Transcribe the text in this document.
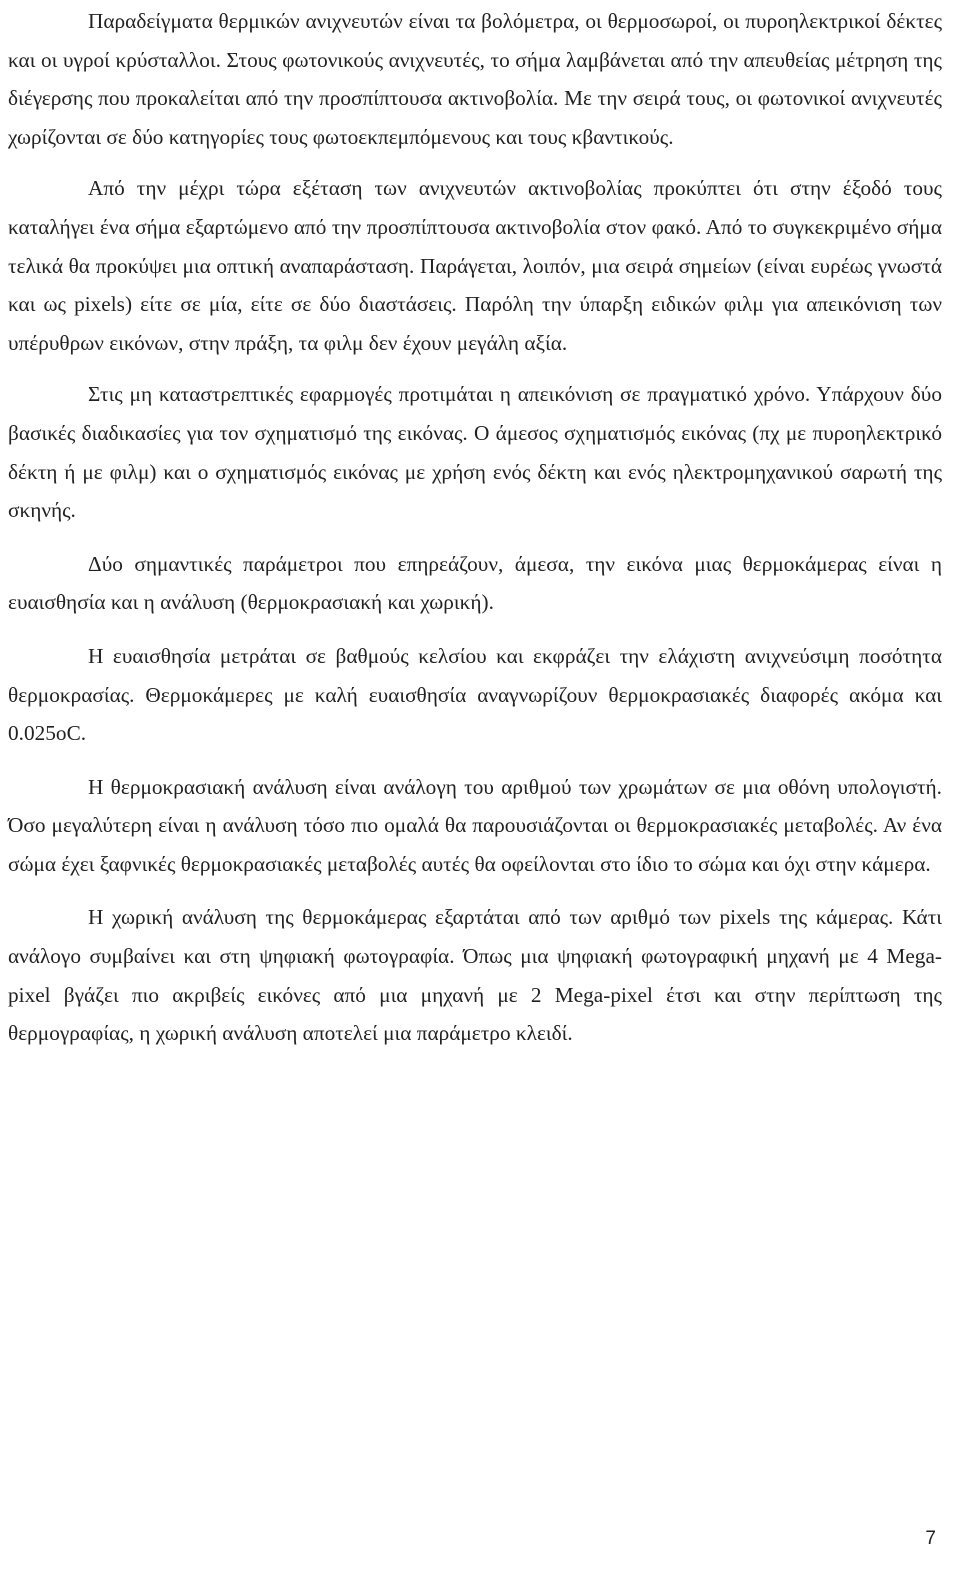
Παραδείγματα θερμικών ανιχνευτών είναι τα βολόμετρα, οι θερμοσωροί, οι πυροηλεκτρικοί δέκτες και οι υγροί κρύσταλλοι. Στους φωτονικούς ανιχνευτές, το σήμα λαμβάνεται από την απευθείας μέτρηση της διέγερσης που προκαλείται από την προσπίπτουσα ακτινοβολία. Με την σειρά τους, οι φωτονικοί ανιχνευτές χωρίζονται σε δύο κατηγορίες τους φωτοεκπεμπόμενους και τους κβαντικούς.

Από την μέχρι τώρα εξέταση των ανιχνευτών ακτινοβολίας προκύπτει ότι στην έξοδό τους καταλήγει ένα σήμα εξαρτώμενο από την προσπίπτουσα ακτινοβολία στον φακό. Από το συγκεκριμένο σήμα τελικά θα προκύψει μια οπτική αναπαράσταση. Παράγεται, λοιπόν, μια σειρά σημείων (είναι ευρέως γνωστά και ως pixels) είτε σε μία, είτε σε δύο διαστάσεις. Παρόλη την ύπαρξη ειδικών φιλμ για απεικόνιση των υπέρυθρων εικόνων, στην πράξη, τα φιλμ δεν έχουν μεγάλη αξία.

Στις μη καταστρεπτικές εφαρμογές προτιμάται η απεικόνιση σε πραγματικό χρόνο. Υπάρχουν δύο βασικές διαδικασίες για τον σχηματισμό της εικόνας. Ο άμεσος σχηματισμός εικόνας (πχ με πυροηλεκτρικό δέκτη ή με φιλμ) και ο σχηματισμός εικόνας με χρήση ενός δέκτη και ενός ηλεκτρομηχανικού σαρωτή της σκηνής.

Δύο σημαντικές παράμετροι που επηρεάζουν, άμεσα, την εικόνα μιας θερμοκάμερας είναι η ευαισθησία και η ανάλυση (θερμοκρασιακή και χωρική).

Η ευαισθησία μετράται σε βαθμούς κελσίου και εκφράζει την ελάχιστη ανιχνεύσιμη ποσότητα θερμοκρασίας. Θερμοκάμερες με καλή ευαισθησία αναγνωρίζουν θερμοκρασιακές διαφορές ακόμα και 0.025oC.

Η θερμοκρασιακή ανάλυση είναι ανάλογη του αριθμού των χρωμάτων σε μια οθόνη υπολογιστή. Όσο μεγαλύτερη είναι η ανάλυση τόσο πιο ομαλά θα παρουσιάζονται οι θερμοκρασιακές μεταβολές. Αν ένα σώμα έχει ξαφνικές θερμοκρασιακές μεταβολές αυτές θα οφείλονται στο ίδιο το σώμα και όχι στην κάμερα.

Η χωρική ανάλυση της θερμοκάμερας εξαρτάται από των αριθμό των pixels της κάμερας. Κάτι ανάλογο συμβαίνει και στη ψηφιακή φωτογραφία. Όπως μια ψηφιακή φωτογραφική μηχανή με 4 Mega-pixel βγάζει πιο ακριβείς εικόνες από μια μηχανή με 2 Mega-pixel έτσι και στην περίπτωση της θερμογραφίας, η χωρική ανάλυση αποτελεί μια παράμετρο κλειδί.

7
